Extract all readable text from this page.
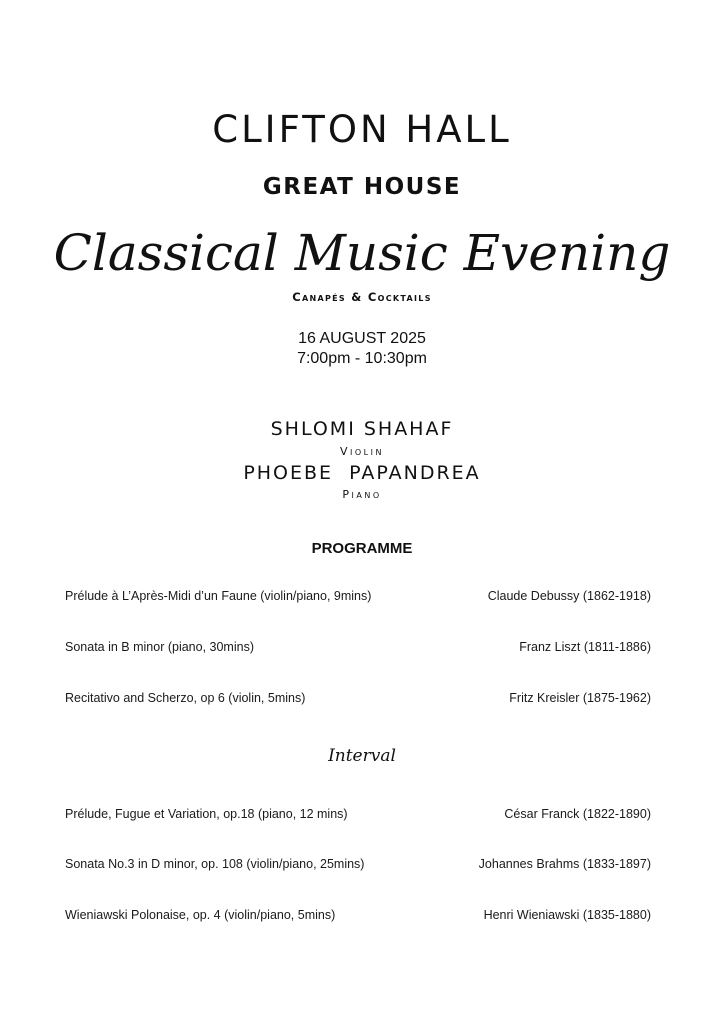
CLIFTON HALL
GREAT HOUSE
Classical Music Evening
Canapés & Cocktails
16 AUGUST 2025
7:00pm - 10:30pm
SHLOMI SHAHAF
Violin
PHOEBE  PAPANDREA
Piano
PROGRAMME
Prélude à L’Après-Midi d’un Faune (violin/piano, 9mins)	Claude Debussy (1862-1918)
Sonata in B minor (piano, 30mins)	Franz Liszt (1811-1886)
Recitativo and Scherzo, op 6 (violin, 5mins)	Fritz Kreisler (1875-1962)
Interval
Prélude, Fugue et Variation, op.18 (piano, 12 mins)	César Franck (1822-1890)
Sonata No.3 in D minor, op. 108 (violin/piano, 25mins)	Johannes Brahms (1833-1897)
Wieniawski Polonaise, op. 4 (violin/piano, 5mins)	Henri Wieniawski (1835-1880)
